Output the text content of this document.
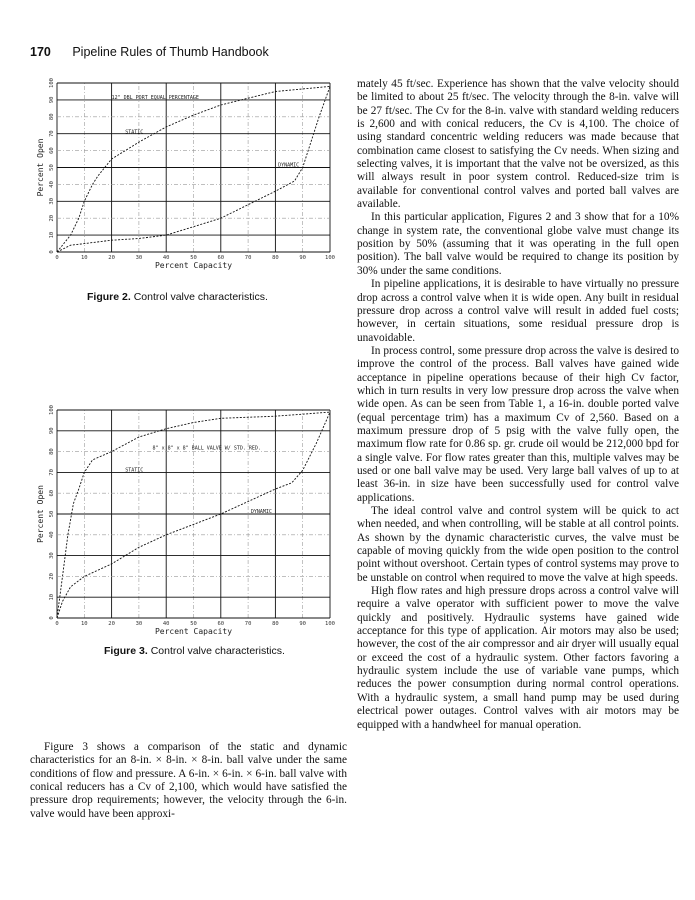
170 Pipeline Rules of Thumb Handbook
0	10	20	30	40	50	60	70	80	90	100
0
10
20
30
40
50
60
70
80
90
100
Percent Capacity
Percent Open
12" DBL PORT EQUAL PERCENTAGE
STATIC
DYNAMIC
Figure 2. Control valve characteristics.
0	10	20	30	40	50	60	70	80	90	100
0
10
20
30
40
50
60
70
80
90
100
Percent Capacity
Percent Open
8" x 8" x 8" BALL VALVE W/ STD. RED.
STATIC
DYNAMIC
Figure 3. Control valve characteristics.

Figure 3 shows a comparison of the static and dynamic characteristics for an 8-in. × 8-in. × 8-in. ball valve under the same conditions of flow and pressure. A 6-in. × 6-in. × 6-in. ball valve with conical reducers has a Cv of 2,100, which would have satisfied the pressure drop requirements; however, the velocity through the 6-in. valve would have been approxi-

mately 45 ft/sec. Experience has shown that the valve velocity should be limited to about 25 ft/sec. The velocity through the 8-in. valve will be 27 ft/sec. The Cv for the 8-in. valve with standard welding reducers is 2,600 and with conical reducers, the Cv is 4,100. The choice of using standard concentric welding reducers was made because that combination came closest to satisfying the Cv needs. When sizing and selecting valves, it is important that the valve not be oversized, as this will always result in poor system control. Reduced-size trim is available for conventional control valves and ported ball valves are available.

In this particular application, Figures 2 and 3 show that for a 10% change in system rate, the conventional globe valve must change its position by 50% (assuming that it was operating in the full open position). The ball valve would be required to change its position by 30% under the same conditions.

In pipeline applications, it is desirable to have virtually no pressure drop across a control valve when it is wide open. Any built in residual pressure drop across a control valve will result in added fuel costs; however, in certain situations, some residual pressure drop is unavoidable.

In process control, some pressure drop across the valve is desired to improve the control of the process. Ball valves have gained wide acceptance in pipeline operations because of their high Cv factor, which in turn results in very low pressure drop across the valve when wide open. As can be seen from Table 1, a 16-in. double ported valve (equal percentage trim) has a maximum Cv of 2,560. Based on a maximum pressure drop of 5 psig with the valve fully open, the maximum flow rate for 0.86 sp. gr. crude oil would be 212,000 bpd for a single valve. For flow rates greater than this, multiple valves may be used or one ball valve may be used. Very large ball valves of up to at least 36-in. in size have been successfully used for control valve applications.

The ideal control valve and control system will be quick to act when needed, and when controlling, will be stable at all control points. As shown by the dynamic characteristic curves, the valve must be capable of moving quickly from the wide open position to the control point without overshoot. Certain types of control systems may prove to be unstable on control when required to move the valve at high speeds.

High flow rates and high pressure drops across a control valve will require a valve operator with sufficient power to move the valve quickly and positively. Hydraulic systems have gained wide acceptance for this type of application. Air motors may also be used; however, the cost of the air compressor and air dryer will usually equal or exceed the cost of a hydraulic system. Other factors favoring a hydraulic system include the use of variable vane pumps, which reduces the power consumption during normal control operations. With a hydraulic system, a small hand pump may be used during electrical power outages. Control valves with air motors may be equipped with a handwheel for manual operation.
